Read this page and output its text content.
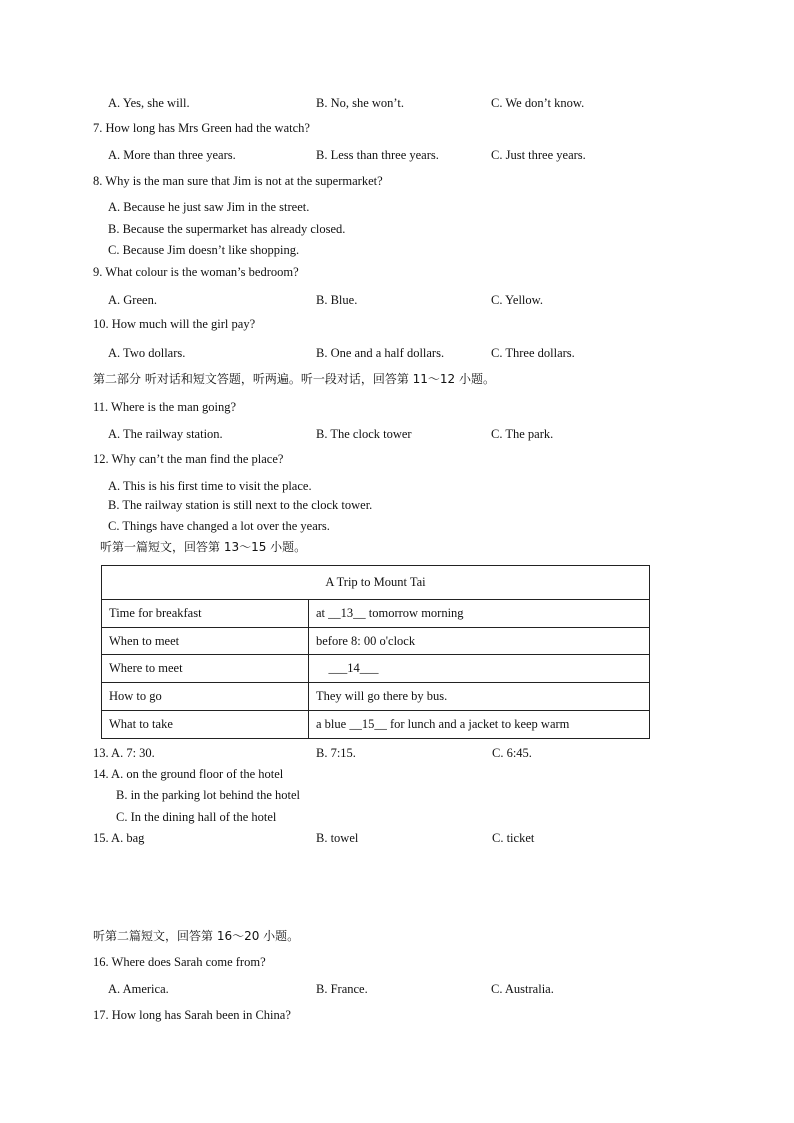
A. Yes, she will.	B. No, she won’t.	C. We don’t know.
7. How long has Mrs Green had the watch?
A. More than three years.	B. Less than three years.	C. Just three years.
8. Why is the man sure that Jim is not at the supermarket?
A. Because he just saw Jim in the street.
B. Because the supermarket has already closed.
C. Because Jim doesn’t like shopping.
9. What colour is the woman’s bedroom?
A. Green.	B. Blue.	C. Yellow.
10. How much will the girl pay?
A. Two dollars.	B. One and a half dollars.	C. Three dollars.
第二部分 听对话和短文答题，听两遍。听一段对话，回答第 11～12 小题。
11. Where is the man going?
A. The railway station.	B. The clock tower	C. The park.
12. Why can’t the man find the place?
A. This is his first time to visit the place.
B. The railway station is still next to the clock tower.
C. Things have changed a lot over the years.
听第一篇短文，回答第 13～15 小题。
A Trip to Mount Tai	
Time for breakfast	at __13__ tomorrow morning
When to meet	before 8: 00 o'clock
Where to meet	___14___
How to go	They will go there by bus.
What to take	a blue __15__ for lunch and a jacket to keep warm
13. A. 7: 30.	B. 7:15.	C. 6:45.
14. A. on the ground floor of the hotel
B. in the parking lot behind the hotel
C. In the dining hall of the hotel
15. A. bag	B. towel	C. ticket
听第二篇短文，回答第 16～20 小题。
16. Where does Sarah come from?
A. America.	B. France.	C. Australia.
17. How long has Sarah been in China?
